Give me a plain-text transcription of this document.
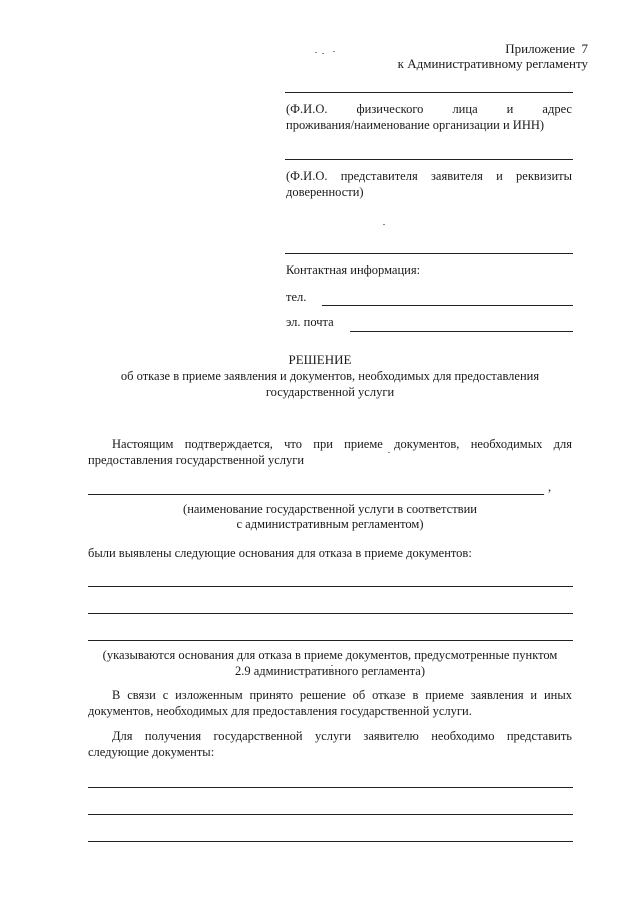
Приложение  7
к Административному регламенту
(Ф.И.О.  физического  лица  и  адрес
проживания/наименование организации и ИНН)
(Ф.И.О.  представителя  заявителя  и  реквизиты
доверенности)
Контактная информация:
тел.
эл. почта
РЕШЕНИЕ
об отказе в приеме заявления и документов, необходимых для предоставления
государственной услуги
Настоящим  подтверждается,  что  при  приеме  документов,  необходимых  для
предоставления государственной услуги
,
(наименование государственной услуги в соответствии
с административным регламентом)
были выявлены следующие основания для отказа в приеме документов:
(указываются основания для отказа в приеме документов, предусмотренные пунктом
2.9 административного регламента)
В  связи  с  изложенным  принято  решение  об  отказе  в  приеме  заявления  и  иных
документов, необходимых для предоставления государственной услуги.
Для  получения  государственной  услуги  заявителю  необходимо  представить
следующие документы:
